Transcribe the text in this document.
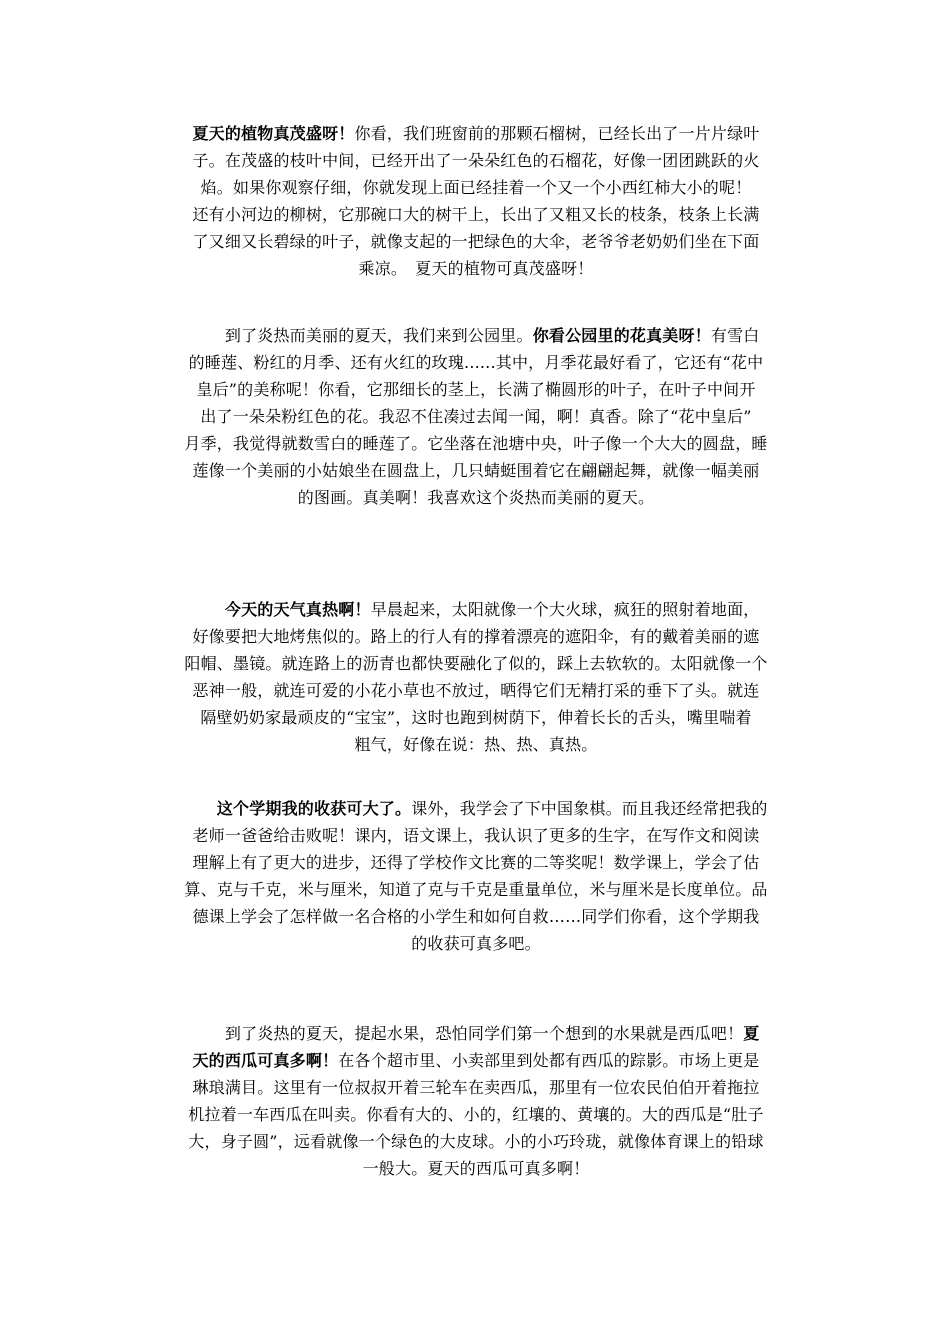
夏天的植物真茂盛呀！你看，我们班窗前的那颗石榴树，已经长出了一片片绿叶
子。在茂盛的枝叶中间，已经开出了一朵朵红色的石榴花，好像一团团跳跃的火
焰。如果你观察仔细，你就发现上面已经挂着一个又一个小西红柿大小的呢！
还有小河边的柳树，它那碗口大的树干上，长出了又粗又长的枝条，枝条上长满
了又细又长碧绿的叶子，就像支起的一把绿色的大伞，老爷爷老奶奶们坐在下面
乘凉。　夏天的植物可真茂盛呀！
　　到了炎热而美丽的夏天，我们来到公园里。你看公园里的花真美呀！有雪白
的睡莲、粉红的月季、还有火红的玫瑰......其中，月季花最好看了，它还有“花中
皇后”的美称呢！你看，它那细长的茎上，长满了椭圆形的叶子，在叶子中间开
出了一朵朵粉红色的花。我忍不住凑过去闻一闻，啊！真香。除了“花中皇后”
月季，我觉得就数雪白的睡莲了。它坐落在池塘中央，叶子像一个大大的圆盘，睡
莲像一个美丽的小姑娘坐在圆盘上，几只蜻蜓围着它在翩翩起舞，就像一幅美丽
的图画。真美啊！我喜欢这个炎热而美丽的夏天。
　　今天的天气真热啊！早晨起来，太阳就像一个大火球，疯狂的照射着地面，
好像要把大地烤焦似的。路上的行人有的撑着漂亮的遮阳伞，有的戴着美丽的遮
阳帽、墨镜。就连路上的沥青也都快要融化了似的，踩上去软软的。太阳就像一个
恶神一般，就连可爱的小花小草也不放过，晒得它们无精打采的垂下了头。就连
隔壁奶奶家最顽皮的“宝宝”，这时也跑到树荫下，伸着长长的舌头，嘴里喘着
粗气，好像在说：热、热、真热。
　　这个学期我的收获可大了。课外，我学会了下中国象棋。而且我还经常把我的
老师一爸爸给击败呢！课内，语文课上，我认识了更多的生字，在写作文和阅读
理解上有了更大的进步，还得了学校作文比赛的二等奖呢！数学课上，学会了估
算、克与千克，米与厘米，知道了克与千克是重量单位，米与厘米是长度单位。品
德课上学会了怎样做一名合格的小学生和如何自救……同学们你看，这个学期我
的收获可真多吧。
　　到了炎热的夏天，提起水果，恐怕同学们第一个想到的水果就是西瓜吧！夏
天的西瓜可真多啊！在各个超市里、小卖部里到处都有西瓜的踪影。市场上更是
琳琅满目。这里有一位叔叔开着三轮车在卖西瓜，那里有一位农民伯伯开着拖拉
机拉着一车西瓜在叫卖。你看有大的、小的，红壤的、黄壤的。大的西瓜是“肚子
大，身子圆”，远看就像一个绿色的大皮球。小的小巧玲珑，就像体育课上的铅球
一般大。夏天的西瓜可真多啊！
